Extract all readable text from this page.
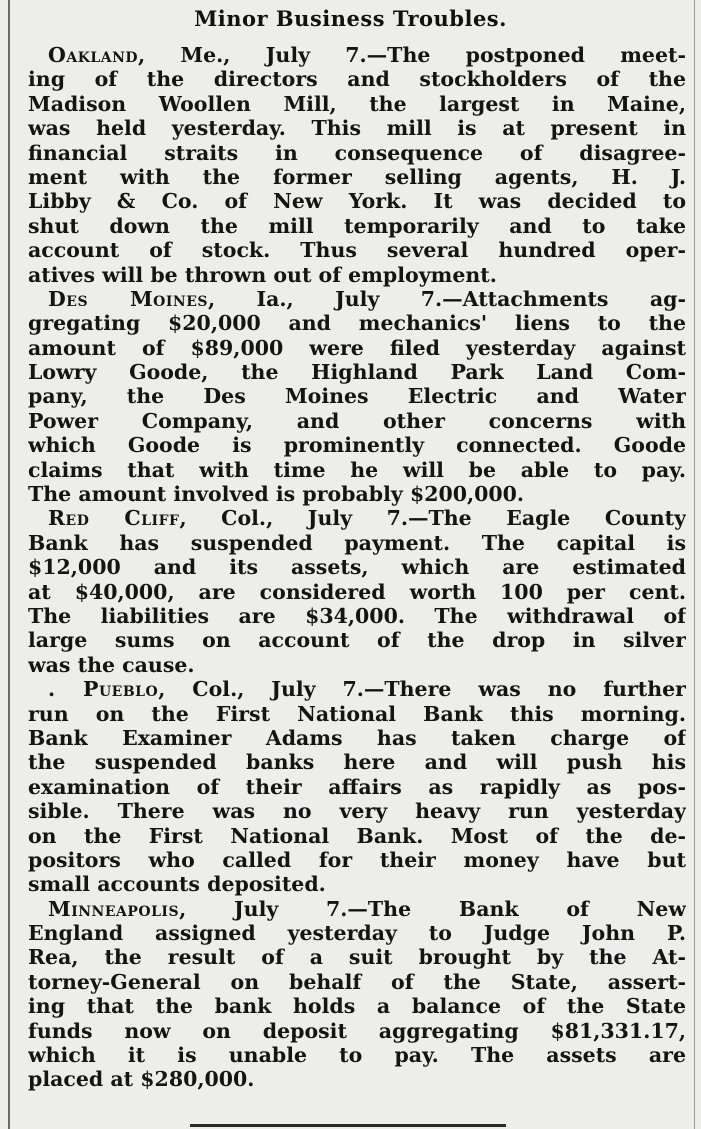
Minor Business Troubles.
Oakland, Me., July 7.—The postponed meet-
ing of the directors and stockholders of the
Madison Woollen Mill, the largest in Maine,
was held yesterday. This mill is at present in
financial straits in consequence of disagree-
ment with the former selling agents, H. J.
Libby & Co. of New York. It was decided to
shut down the mill temporarily and to take
account of stock. Thus several hundred oper-
atives will be thrown out of employment.
Des Moines, Ia., July 7.—Attachments ag-
gregating $20,000 and mechanics' liens to the
amount of $89,000 were filed yesterday against
Lowry Goode, the Highland Park Land Com-
pany, the Des Moines Electric and Water
Power Company, and other concerns with
which Goode is prominently connected. Goode
claims that with time he will be able to pay.
The amount involved is probably $200,000.
Red Cliff, Col., July 7.—The Eagle County
Bank has suspended payment. The capital is
$12,000 and its assets, which are estimated
at $40,000, are considered worth 100 per cent.
The liabilities are $34,000. The withdrawal of
large sums on account of the drop in silver
was the cause.
. Pueblo, Col., July 7.—There was no further
run on the First National Bank this morning.
Bank Examiner Adams has taken charge of
the suspended banks here and will push his
examination of their affairs as rapidly as pos-
sible. There was no very heavy run yesterday
on the First National Bank. Most of the de-
positors who called for their money have but
small accounts deposited.
Minneapolis, July 7.—The Bank of New
England assigned yesterday to Judge John P.
Rea, the result of a suit brought by the At-
torney-General on behalf of the State, assert-
ing that the bank holds a balance of the State
funds now on deposit aggregating $81,331.17,
which it is unable to pay. The assets are
placed at $280,000.
